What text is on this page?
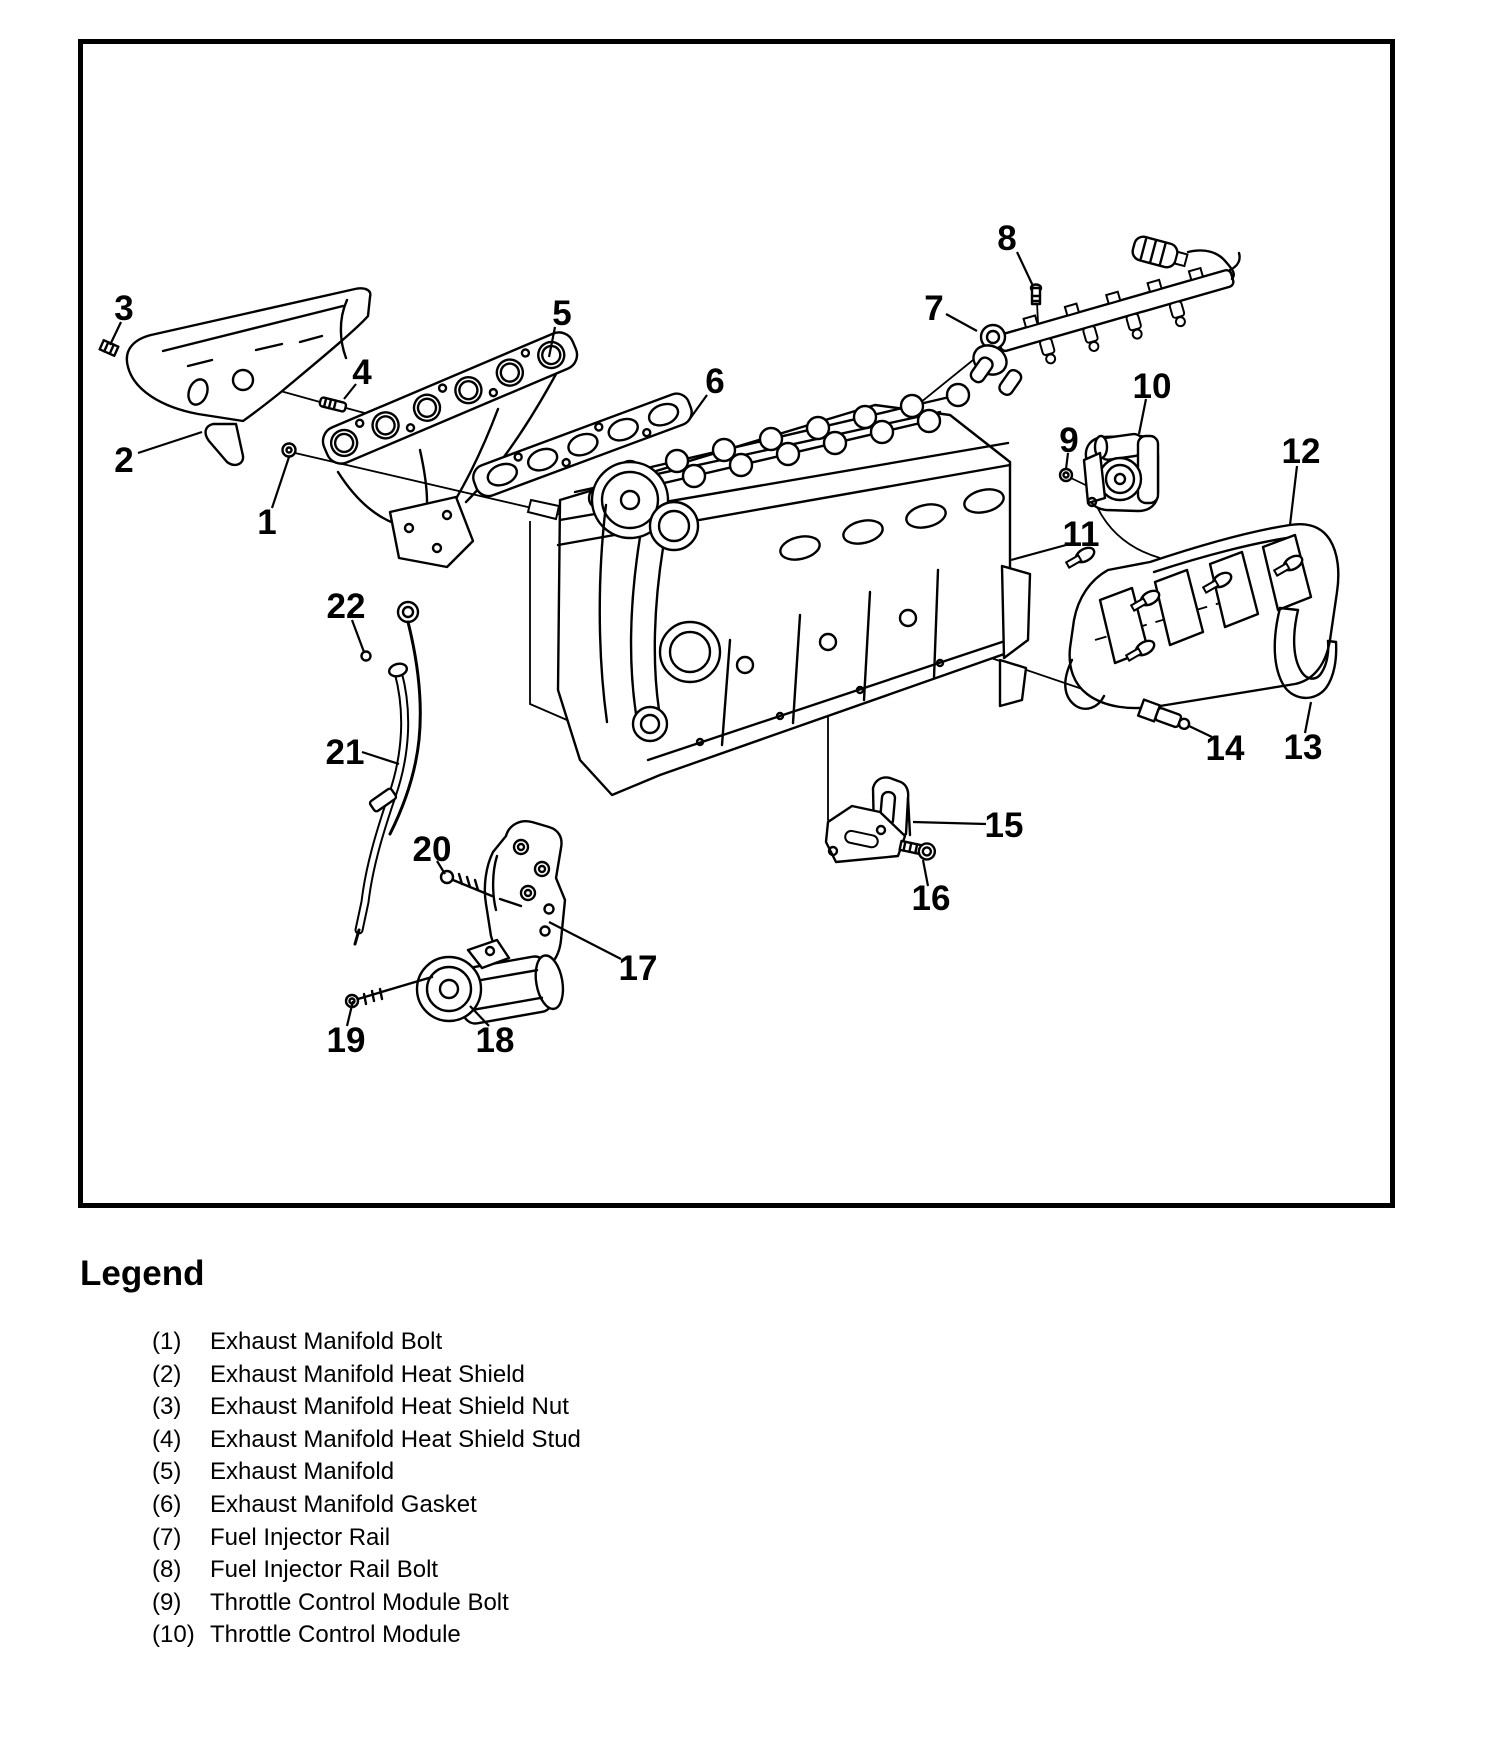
1
2
3
4
5
6
7
8
9
10
11
12
13
14
15
16
17
18
19
20
21
22
Legend
(1)	Exhaust Manifold Bolt
(2)	Exhaust Manifold Heat Shield
(3)	Exhaust Manifold Heat Shield Nut
(4)	Exhaust Manifold Heat Shield Stud
(5)	Exhaust Manifold
(6)	Exhaust Manifold Gasket
(7)	Fuel Injector Rail
(8)	Fuel Injector Rail Bolt
(9)	Throttle Control Module Bolt
(10) Throttle Control Module
